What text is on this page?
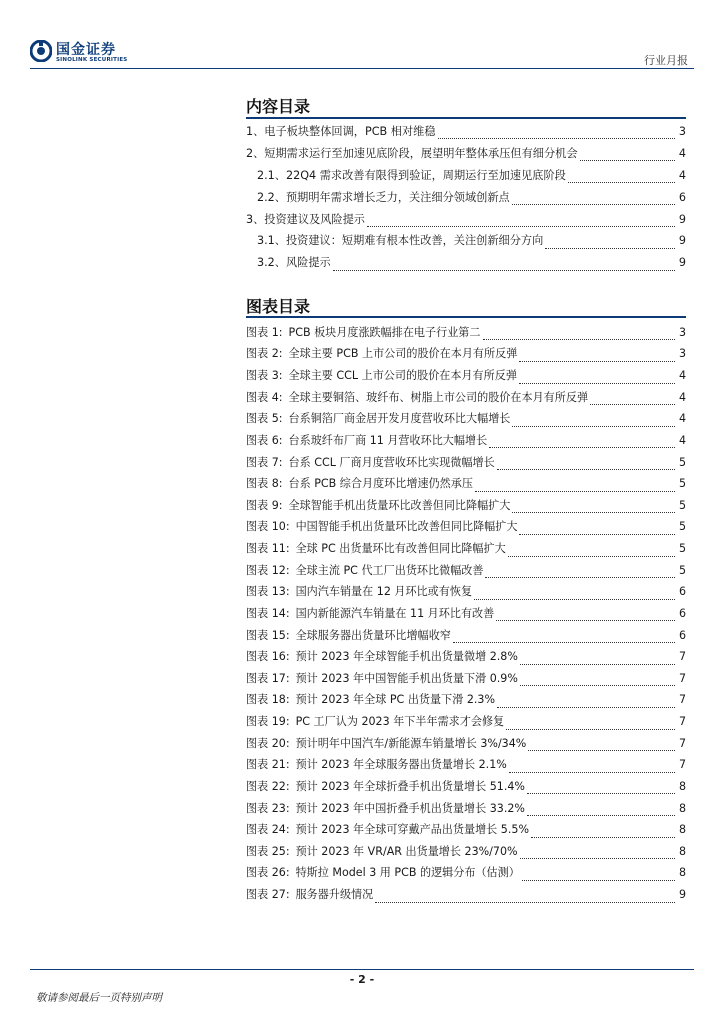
国金证券
SINOLINK SECURITIES	行业月报
内容目录
1、电子板块整体回调，PCB 相对维稳	3
2、短期需求运行至加速见底阶段，展望明年整体承压但有细分机会	4
2.1、22Q4 需求改善有限得到验证，周期运行至加速见底阶段	4
2.2、预期明年需求增长乏力，关注细分领域创新点	6
3、投资建议及风险提示	9
3.1、投资建议：短期难有根本性改善，关注创新细分方向	9
3.2、风险提示	9
图表目录
图表 1: PCB 板块月度涨跌幅排在电子行业第二	3
图表 2: 全球主要 PCB 上市公司的股价在本月有所反弹	3
图表 3: 全球主要 CCL 上市公司的股价在本月有所反弹	4
图表 4: 全球主要铜箔、玻纤布、树脂上市公司的股价在本月有所反弹	4
图表 5: 台系铜箔厂商金居开发月度营收环比大幅增长	4
图表 6: 台系玻纤布厂商 11 月营收环比大幅增长	4
图表 7: 台系 CCL 厂商月度营收环比实现微幅增长	5
图表 8: 台系 PCB 综合月度环比增速仍然承压	5
图表 9: 全球智能手机出货量环比改善但同比降幅扩大	5
图表 10: 中国智能手机出货量环比改善但同比降幅扩大	5
图表 11: 全球 PC 出货量环比有改善但同比降幅扩大	5
图表 12: 全球主流 PC 代工厂出货环比微幅改善	5
图表 13: 国内汽车销量在 12 月环比或有恢复	6
图表 14: 国内新能源汽车销量在 11 月环比有改善	6
图表 15: 全球服务器出货量环比增幅收窄	6
图表 16: 预计 2023 年全球智能手机出货量微增 2.8%	7
图表 17: 预计 2023 年中国智能手机出货量下滑 0.9%	7
图表 18: 预计 2023 年全球 PC 出货量下滑 2.3%	7
图表 19: PC 工厂认为 2023 年下半年需求才会修复	7
图表 20: 预计明年中国汽车/新能源车销量增长 3%/34%	7
图表 21: 预计 2023 年全球服务器出货量增长 2.1%	7
图表 22: 预计 2023 年全球折叠手机出货量增长 51.4%	8
图表 23: 预计 2023 年中国折叠手机出货量增长 33.2%	8
图表 24: 预计 2023 年全球可穿戴产品出货量增长 5.5%	8
图表 25: 预计 2023 年 VR/AR 出货量增长 23%/70%	8
图表 26: 特斯拉 Model 3 用 PCB 的逻辑分布（估测）	8
图表 27: 服务器升级情况	9
- 2 -
敬请参阅最后一页特别声明
